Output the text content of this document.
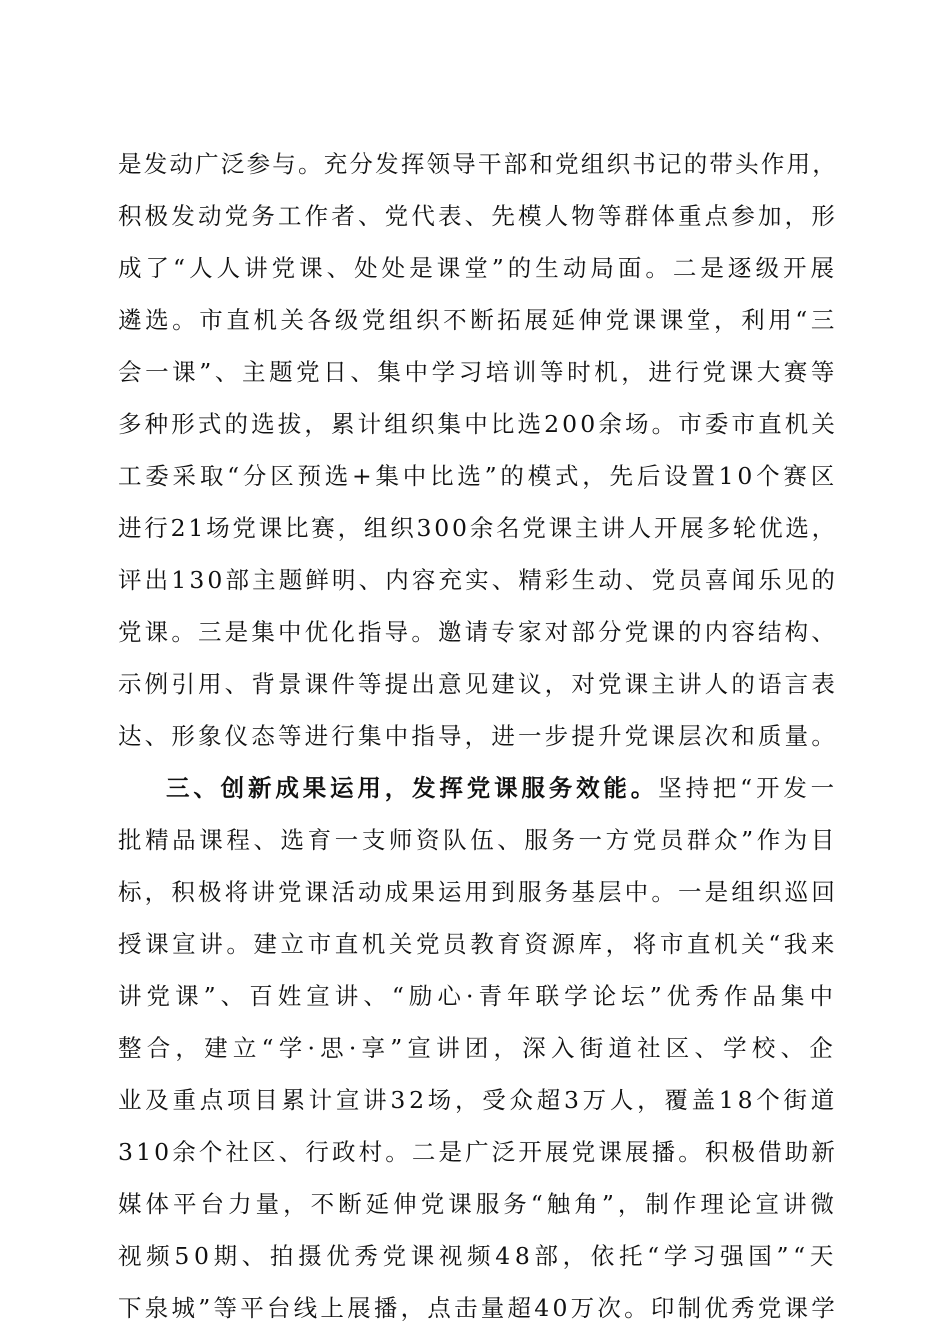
是发动广泛参与。充分发挥领导干部和党组织书记的带头作用，
积极发动党务工作者、党代表、先模人物等群体重点参加，形
成了“人人讲党课、处处是课堂”的生动局面。二是逐级开展
遴选。市直机关各级党组织不断拓展延伸党课课堂，利用“三
会一课”、主题党日、集中学习培训等时机，进行党课大赛等
多种形式的选拔，累计组织集中比选200余场。市委市直机关
工委采取“分区预选+集中比选”的模式，先后设置10个赛区
进行21场党课比赛，组织300余名党课主讲人开展多轮优选，
评出130部主题鲜明、内容充实、精彩生动、党员喜闻乐见的
党课。三是集中优化指导。邀请专家对部分党课的内容结构、
示例引用、背景课件等提出意见建议，对党课主讲人的语言表
达、形象仪态等进行集中指导，进一步提升党课层次和质量。
三、创新成果运用，发挥党课服务效能。坚持把“开发一
批精品课程、选育一支师资队伍、服务一方党员群众”作为目
标，积极将讲党课活动成果运用到服务基层中。一是组织巡回
授课宣讲。建立市直机关党员教育资源库，将市直机关“我来
讲党课”、百姓宣讲、“励心·青年联学论坛”优秀作品集中
整合，建立“学·思·享”宣讲团，深入街道社区、学校、企
业及重点项目累计宣讲32场，受众超3万人，覆盖18个街道
310余个社区、行政村。二是广泛开展党课展播。积极借助新
媒体平台力量，不断延伸党课服务“触角”，制作理论宣讲微
视频50期、拍摄优秀党课视频48部，依托“学习强国”“天
下泉城”等平台线上展播，点击量超40万次。印制优秀党课学
